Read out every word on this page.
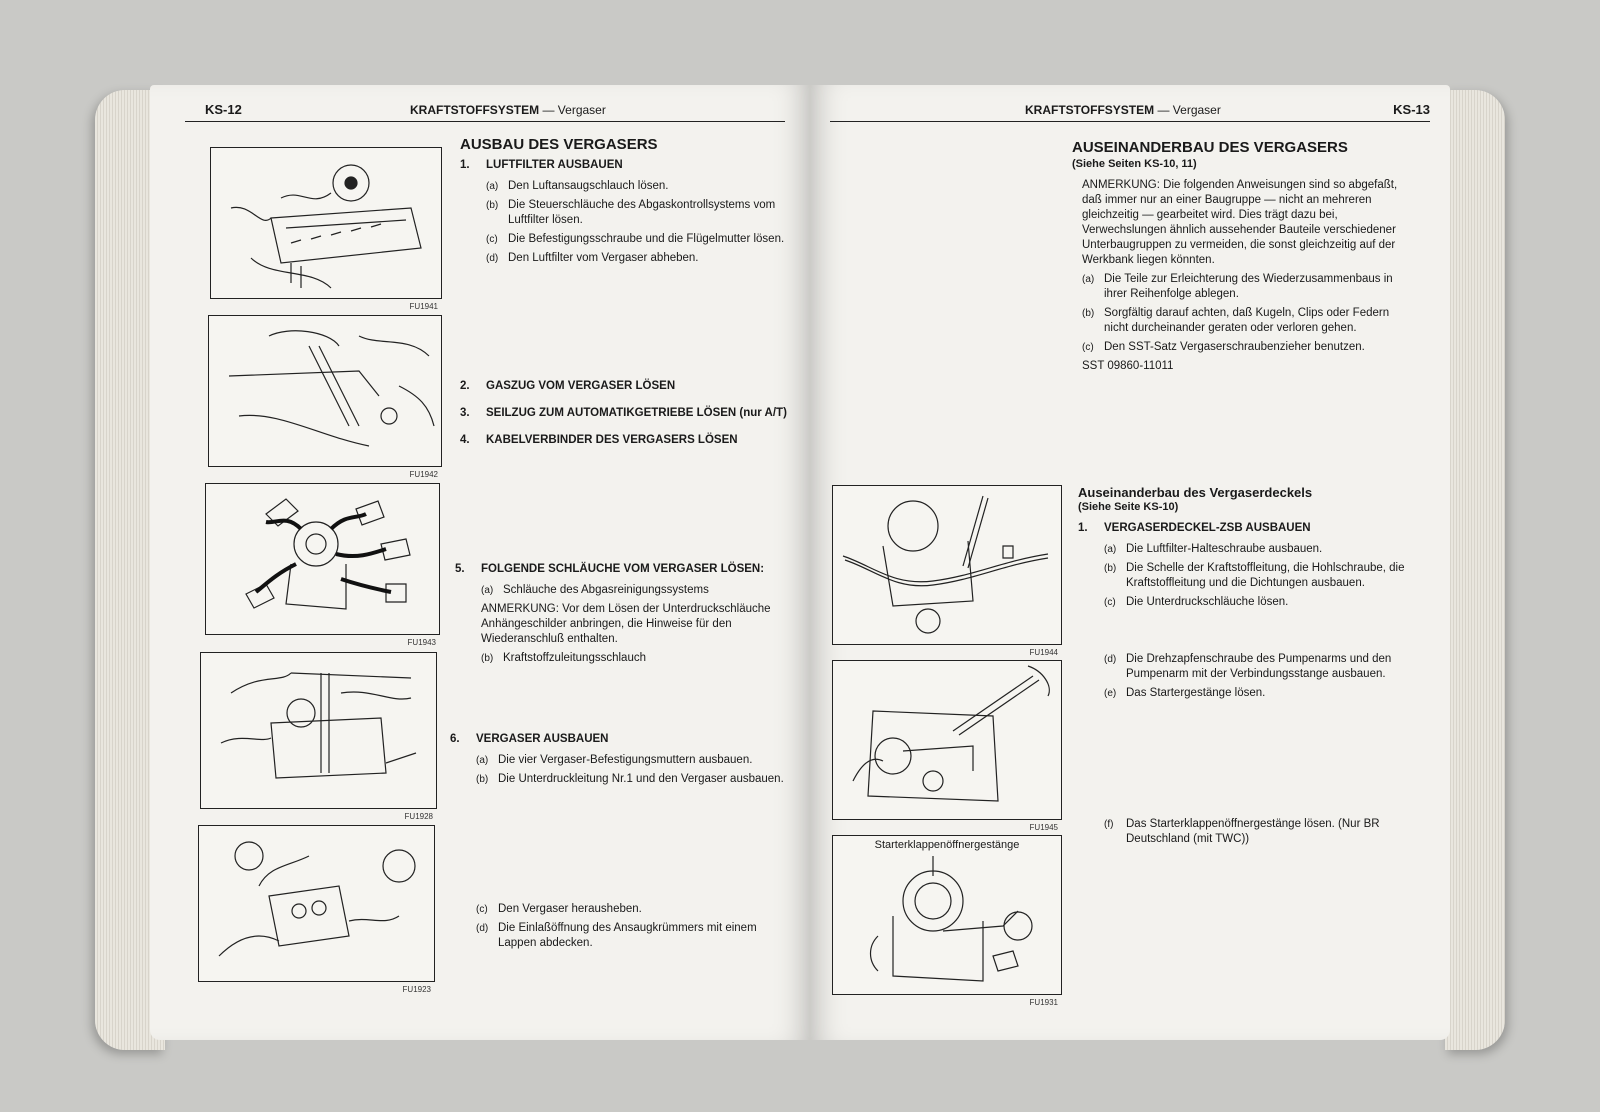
KS-12	KRAFTSTOFFSYSTEM — Vergaser
FU1941
FU1942
FU1943
FU1928
FU1923
AUSBAU DES VERGASERS
1.	LUFTFILTER AUSBAUEN
(a) Den Luftansaugschlauch lösen.
(b) Die Steuerschläuche des Abgaskontrollsystems vom Luftfilter lösen.
(c) Die Befestigungsschraube und die Flügelmutter lösen.
(d) Den Luftfilter vom Vergaser abheben.
2.	GASZUG VOM VERGASER LÖSEN
3.	SEILZUG ZUM AUTOMATIKGETRIEBE LÖSEN (nur A/T)
4.	KABELVERBINDER DES VERGASERS LÖSEN
5.	FOLGENDE SCHLÄUCHE VOM VERGASER LÖSEN:
(a) Schläuche des Abgasreinigungssystems
ANMERKUNG: Vor dem Lösen der Unterdruckschläuche Anhängeschilder anbringen, die Hinweise für den Wiederanschluß enthalten.
(b) Kraftstoffzuleitungsschlauch
6.	VERGASER AUSBAUEN
(a) Die vier Vergaser-Befestigungsmuttern ausbauen.
(b) Die Unterdruckleitung Nr.1 und den Vergaser ausbauen.
(c) Den Vergaser herausheben.
(d) Die Einlaßöffnung des Ansaugkrümmers mit einem Lappen abdecken.
KRAFTSTOFFSYSTEM — Vergaser	KS-13
AUSEINANDERBAU DES VERGASERS
(Siehe Seiten KS-10, 11)
ANMERKUNG: Die folgenden Anweisungen sind so abgefaßt, daß immer nur an einer Baugruppe — nicht an mehreren gleichzeitig — gearbeitet wird. Dies trägt dazu bei, Verwechslungen ähnlich aussehender Bauteile verschiedener Unterbaugruppen zu vermeiden, die sonst gleichzeitig auf der Werkbank liegen könnten.
(a) Die Teile zur Erleichterung des Wiederzusammenbaus in ihrer Reihenfolge ablegen.
(b) Sorgfältig darauf achten, daß Kugeln, Clips oder Federn nicht durcheinander geraten oder verloren gehen.
(c) Den SST-Satz Vergaserschraubenzieher benutzen.
SST 09860-11011
Auseinanderbau des Vergaserdeckels
(Siehe Seite KS-10)
1.	VERGASERDECKEL-ZSB AUSBAUEN
(a) Die Luftfilter-Halteschraube ausbauen.
(b) Die Schelle der Kraftstoffleitung, die Hohlschraube, die Kraftstoffleitung und die Dichtungen ausbauen.
(c) Die Unterdruckschläuche lösen.
(d) Die Drehzapfenschraube des Pumpenarms und den Pumpenarm mit der Verbindungsstange ausbauen.
(e) Das Startergestänge lösen.
(f)	Das Starterklappenöffnergestänge lösen. (Nur BR Deutschland (mit TWC))
FU1944
FU1945
Starterklappenöffnergestänge
FU1931
